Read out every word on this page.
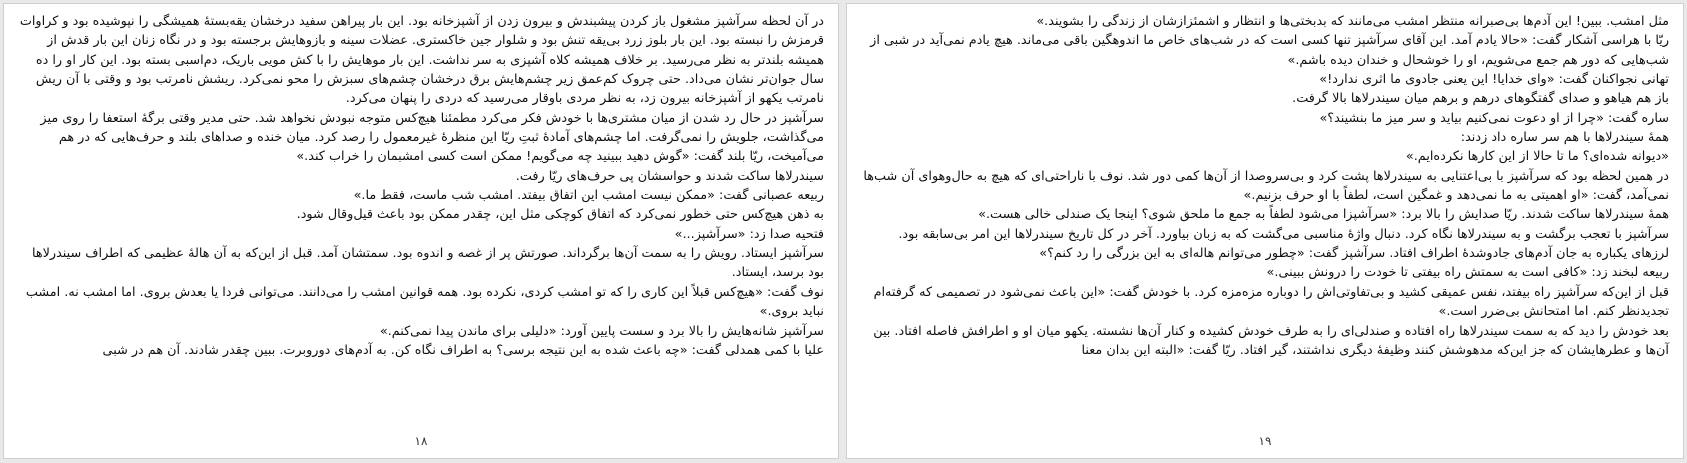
در آن لحظه سرآشپز مشغول باز کردن پیشبندش و بیرون زدن از آشپزخانه بود. این بار پیراهن سفید درخشان یقه‌بستهٔ همیشگی را نپوشیده بود و کراوات قرمزش را نبسته بود. این بار بلوز زرد بی‌یقه تنش بود و شلوار جین خاکستری. عضلات سینه و بازوهایش برجسته بود و در نگاه زنان این بار قدش از همیشه بلندتر به نظر می‌رسید. بر خلاف همیشه کلاه آشپزی به سر نداشت. این بار موهایش را با کش مویی باریک، دم‌اسبی بسته بود. این کار او را ده سال جوان‌تر نشان می‌داد. حتی چروک کم‌عمق زیر چشم‌هایش برق درخشان چشم‌های سبزش را محو نمی‌کرد. ریشش نامرتب بود و وقتی با آن ریش نامرتب یکهو از آشپزخانه بیرون زد، به نظر مردی باوقار می‌رسید که دردی را پنهان می‌کرد.

سرآشپز در حال رد شدن از میان مشتری‌ها با خودش فکر می‌کرد مطمئنا هیچ‌کس متوجه نبودش نخواهد شد. حتی مدیر وقتی برگهٔ استعفا را روی میز می‌گذاشت، جلویش را نمی‌گرفت. اما چشم‌های آمادهٔ ثبتِ ریّا این منظرهٔ غیرمعمول را رصد کرد. میان خنده و صداهای بلند و حرف‌هایی که در هم می‌آمیخت، ریّا بلند گفت: «گوش دهید ببینید چه می‌گویم! ممکن است کسی امشبمان را خراب کند.»

سیندرلاها ساکت شدند و حواسشان پی حرف‌های ریّا رفت.

ربیعه عصبانی گفت: «ممکن نیست امشب این اتفاق بیفتد. امشب شب ماست، فقط ما.»

به ذهن هیچ‌کس حتی خطور نمی‌کرد که اتفاق کوچکی مثل این، چقدر ممکن بود باعث قیل‌وقال شود.

فتحیه صدا زد: «سرآشپز...»

سرآشپز ایستاد. رویش را به سمت آن‌ها برگرداند. صورتش پر از غصه و اندوه بود. سمتشان آمد. قبل از این‌که به آن هالهٔ عظیمی که اطراف سیندرلاها بود برسد، ایستاد.

نوف گفت: «هیچ‌کس قبلاً این کاری را که تو امشب کردی، نکرده بود. همه قوانین امشب را می‌دانند. می‌توانی فردا یا بعدش بروی. اما امشب نه. امشب نباید بروی.»

سرآشپز شانه‌هایش را بالا برد و سست پایین آورد: «دلیلی برای ماندن پیدا نمی‌کنم.»

علیا با کمی همدلی گفت: «چه باعث شده به این نتیجه برسی؟ به اطراف نگاه کن. به آدم‌های دوروبرت. ببین چقدر شادند. آن هم در شبی

۱۸

مثل امشب. ببین! این آدم‌ها بی‌صبرانه منتظر امشب می‌مانند که بدبختی‌ها و انتظار و اشمئزازشان از زندگی را بشویند.»

ریّا با هراسی آشکار گفت: «حالا یادم آمد. این آقای سرآشپز تنها کسی است که در شب‌های خاص ما اندوهگین باقی می‌ماند. هیچ یادم نمی‌آید در شبی از شب‌هایی که دور هم جمع می‌شویم، او را خوشحال و خندان دیده باشم.»

تهانی نجواکنان گفت: «وای خدایا! این یعنی جادوی ما اثری ندارد!»

باز هم هیاهو و صدای گفتگوهای درهم و برهم میان سیندرلاها بالا گرفت.

ساره گفت: «چرا از او دعوت نمی‌کنیم بیاید و سر میز ما بنشیند؟»

همهٔ سیندرلاها با هم سر ساره داد زدند:

«دیوانه شده‌ای؟ ما تا حالا از این کارها نکرده‌ایم.»

در همین لحظه بود که سرآشپز با بی‌اعتنایی به سیندرلاها پشت کرد و بی‌سروصدا از آن‌ها کمی دور شد. نوف با ناراحتی‌ای که هیچ به حال‌وهوای آن شب‌ها نمی‌آمد، گفت: «او اهمیتی به ما نمی‌دهد و غمگین است، لطفاً با او حرف بزنیم.»

همهٔ سیندرلاها ساکت شدند. ریّا صدایش را بالا برد: «سرآشپزا می‌شود لطفاً به جمع ما ملحق شوی؟ اینجا یک صندلی خالی هست.»

سرآشپز با تعجب برگشت و به سیندرلاها نگاه کرد. دنبال واژهٔ مناسبی می‌گشت که به زبان بیاورد. آخر در کل تاریخ سیندرلاها این امر بی‌سابقه بود. لرزهای یکباره به جان آدم‌های جادوشدهٔ اطراف افتاد. سرآشپز گفت: «چطور می‌توانم هاله‌ای به این بزرگی را رد کنم؟»

ربیعه لبخند زد: «کافی است به سمتش راه بیفتی تا خودت را درونش ببینی.»

قبل از این‌که سرآشپز راه بیفتد، نفس عمیقی کشید و بی‌تفاوتی‌اش را دوباره مزه‌مزه کرد. با خودش گفت: «این باعث نمی‌شود در تصمیمی که گرفته‌ام تجدیدنظر کنم. اما امتحانش بی‌ضرر است.»

بعد خودش را دید که به سمت سیندرلاها راه افتاده و صندلی‌ای را به طرف خودش کشیده و کنار آن‌ها نشسته. یکهو میان او و اطرافش فاصله افتاد. بین آن‌ها و عطرهایشان که جز این‌که مدهوشش کنند وظیفهٔ دیگری نداشتند، گیر افتاد. ریّا گفت: «البته این بدان معنا

۱۹
